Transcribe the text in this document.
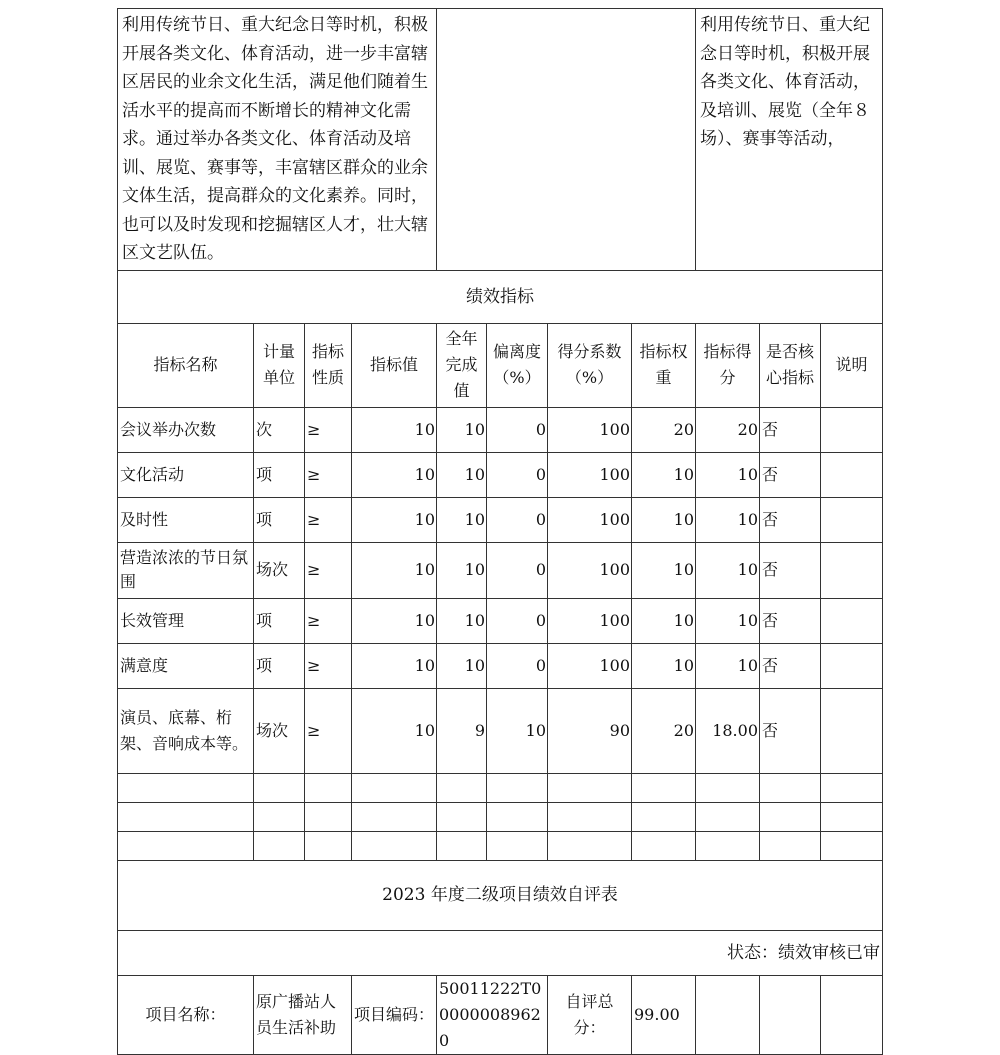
利用传统节日、重大纪念日等时机，积极开展各类文化、体育活动，进一步丰富辖区居民的业余文化生活，满足他们随着生活水平的提高而不断增长的精神文化需求。通过举办各类文化、体育活动及培训、展览、赛事等，丰富辖区群众的业余文体生活，提高群众的文化素养。同时，也可以及时发现和挖掘辖区人才，壮大辖区文艺队伍。								利用传统节日、重大纪念日等时机，积极开展各类文化、体育活动，及培训、展览（全年８场）、赛事等活动，		
绩效指标										
指标名称	计量单位	指标性质	指标值	全年完成值	偏离度（%）	得分系数（%）	指标权重	指标得分	是否核心指标	说明
会议举办次数	次	≥	10	10	0	100	20	20	否	
文化活动	项	≥	10	10	0	100	10	10	否	
及时性	项	≥	10	10	0	100	10	10	否	
营造浓浓的节日氛围	场次	≥	10	10	0	100	10	10	否	
长效管理	项	≥	10	10	0	100	10	10	否	
满意度	项	≥	10	10	0	100	10	10	否	
演员、底幕、桁架、音响成本等。	场次	≥	10	9	10	90	20	18.00	否	

2023 年度二级项目绩效自评表										
状态：绩效审核已审										
项目名称：	原广播站人员生活补助		项目编码：	500112​22T000000089620		自评总分：	99.00			
